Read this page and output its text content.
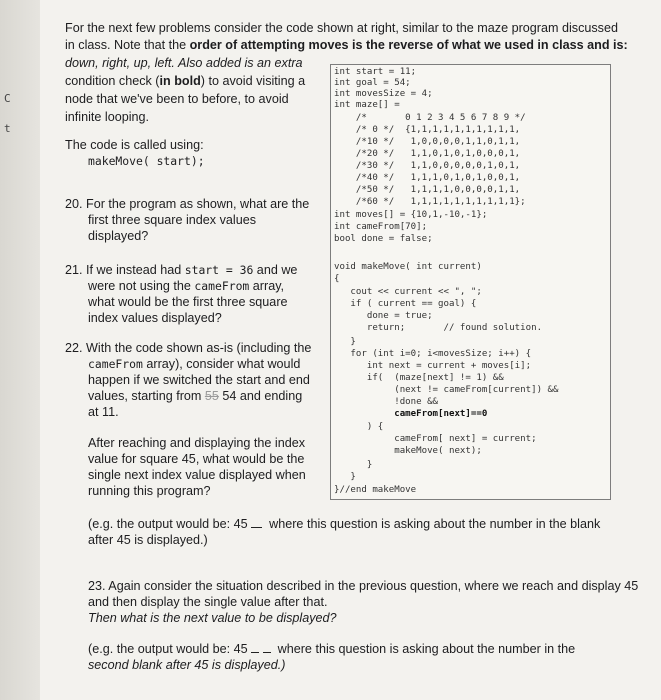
C
t
For the next few problems consider the code shown at right, similar to the maze program discussed
in class. Note that the order of attempting moves is the reverse of what we used in class and is:
down, right, up, left. Also added is an extra
condition check (in bold) to avoid visiting a
node that we've been to before, to avoid
infinite looping.
The code is called using:
makeMove( start);
20. For the program as shown, what are the
first three square index values
displayed?
21. If we instead had start = 36 and we
were not using the cameFrom array,
what would be the first three square
index values displayed?
22. With the code shown as-is (including the
cameFrom array), consider what would
happen if we switched the start and end
values, starting from 55 54 and ending
at 11.
After reaching and displaying the index
value for square 45, what would be the
single next index value displayed when
running this program?
(e.g. the output would be: 45 where this question is asking about the number in the blank
after 45 is displayed.)
23. Again consider the situation described in the previous question, where we reach and display 45
and then display the single value after that.
Then what is the next value to be displayed?
(e.g. the output would be: 45 where this question is asking about the number in the
second blank after 45 is displayed.)
int start = 11;
int goal = 54;
int movesSize = 4;
int maze[] =
/*       0 1 2 3 4 5 6 7 8 9 */
/* 0 */  {1,1,1,1,1,1,1,1,1,1,
/*10 */   1,0,0,0,0,1,1,0,1,1,
/*20 */   1,1,0,1,0,1,0,0,0,1,
/*30 */   1,1,0,0,0,0,0,1,0,1,
/*40 */   1,1,1,0,1,0,1,0,0,1,
/*50 */   1,1,1,1,0,0,0,0,1,1,
/*60 */   1,1,1,1,1,1,1,1,1,1};
int moves[] = {10,1,-10,-1};
int cameFrom[70];
bool done = false;
void makeMove( int current)
{
cout << current << ", ";
if ( current == goal) {
done = true;
return;       // found solution.
}
for (int i=0; i<movesSize; i++) {
int next = current + moves[i];
if(  (maze[next] != 1) &&
(next != cameFrom[current]) &&
!done &&
cameFrom[next]==0
) {
cameFrom[ next] = current;
makeMove( next);
}
}
}//end makeMove
